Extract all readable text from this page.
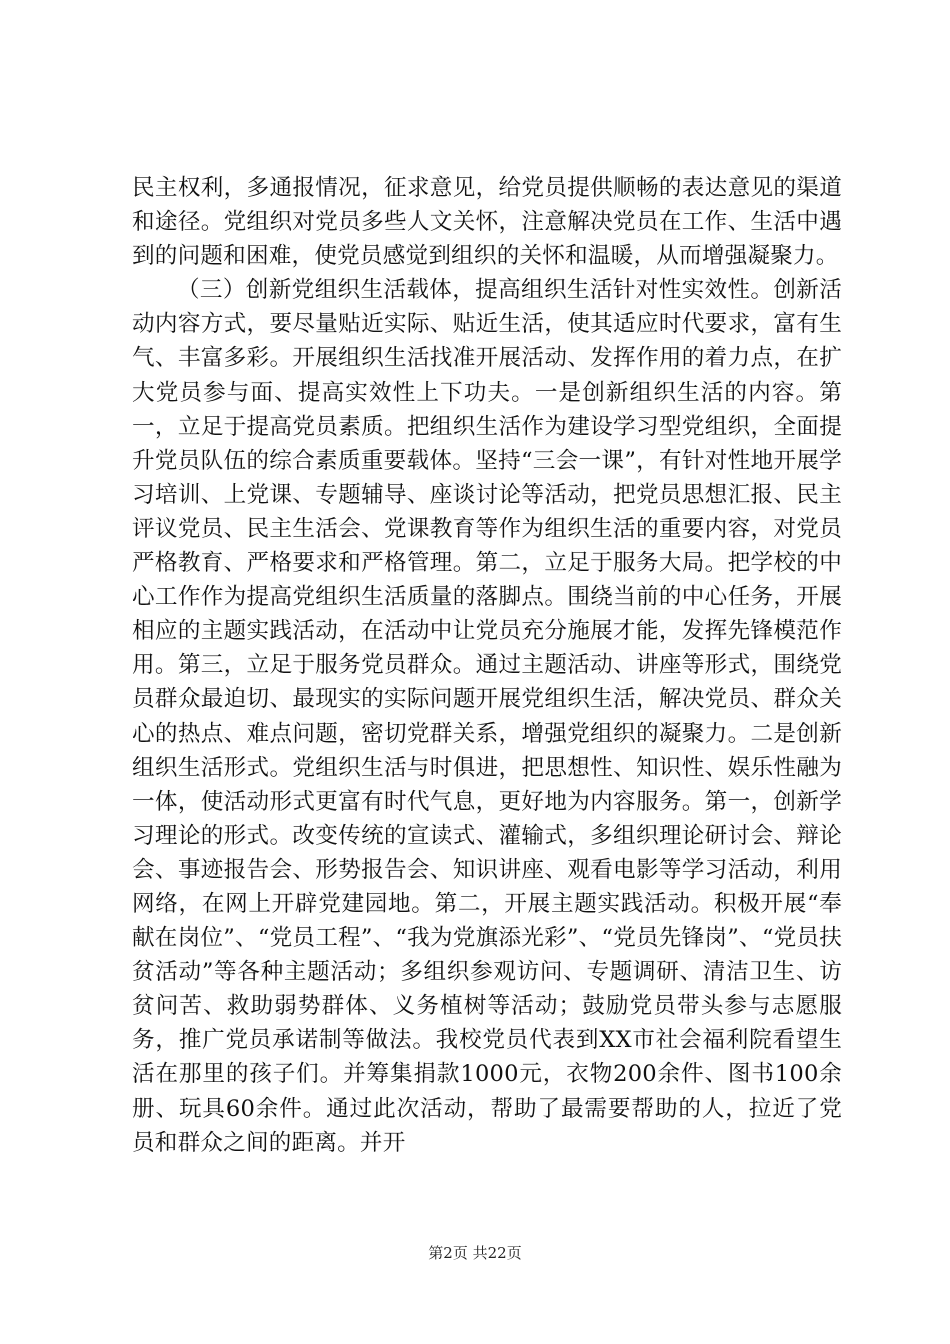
民主权利，多通报情况，征求意见，给党员提供顺畅的表达意见的渠道和途径。党组织对党员多些人文关怀，注意解决党员在工作、生活中遇到的问题和困难，使党员感觉到组织的关怀和温暖，从而增强凝聚力。

（三）创新党组织生活载体，提高组织生活针对性实效性。创新活动内容方式，要尽量贴近实际、贴近生活，使其适应时代要求，富有生气、丰富多彩。开展组织生活找准开展活动、发挥作用的着力点，在扩大党员参与面、提高实效性上下功夫。一是创新组织生活的内容。第一，立足于提高党员素质。把组织生活作为建设学习型党组织，全面提升党员队伍的综合素质重要载体。坚持“三会一课”，有针对性地开展学习培训、上党课、专题辅导、座谈讨论等活动，把党员思想汇报、民主评议党员、民主生活会、党课教育等作为组织生活的重要内容，对党员严格教育、严格要求和严格管理。第二，立足于服务大局。把学校的中心工作作为提高党组织生活质量的落脚点。围绕当前的中心任务，开展相应的主题实践活动，在活动中让党员充分施展才能，发挥先锋模范作用。第三，立足于服务党员群众。通过主题活动、讲座等形式，围绕党员群众最迫切、最现实的实际问题开展党组织生活，解决党员、群众关心的热点、难点问题，密切党群关系，增强党组织的凝聚力。二是创新组织生活形式。党组织生活与时俱进，把思想性、知识性、娱乐性融为一体，使活动形式更富有时代气息，更好地为内容服务。第一，创新学习理论的形式。改变传统的宣读式、灌输式，多组织理论研讨会、辩论会、事迹报告会、形势报告会、知识讲座、观看电影等学习活动，利用网络，在网上开辟党建园地。第二，开展主题实践活动。积极开展“奉献在岗位”、“党员工程”、“我为党旗添光彩”、“党员先锋岗”、“党员扶贫活动”等各种主题活动；多组织参观访问、专题调研、清洁卫生、访贫问苦、救助弱势群体、义务植树等活动；鼓励党员带头参与志愿服务，推广党员承诺制等做法。我校党员代表到XX市社会福利院看望生活在那里的孩子们。并筹集捐款1000元，衣物200余件、图书100余册、玩具60余件。通过此次活动，帮助了最需要帮助的人，拉近了党员和群众之间的距离。并开

第2页 共22页
